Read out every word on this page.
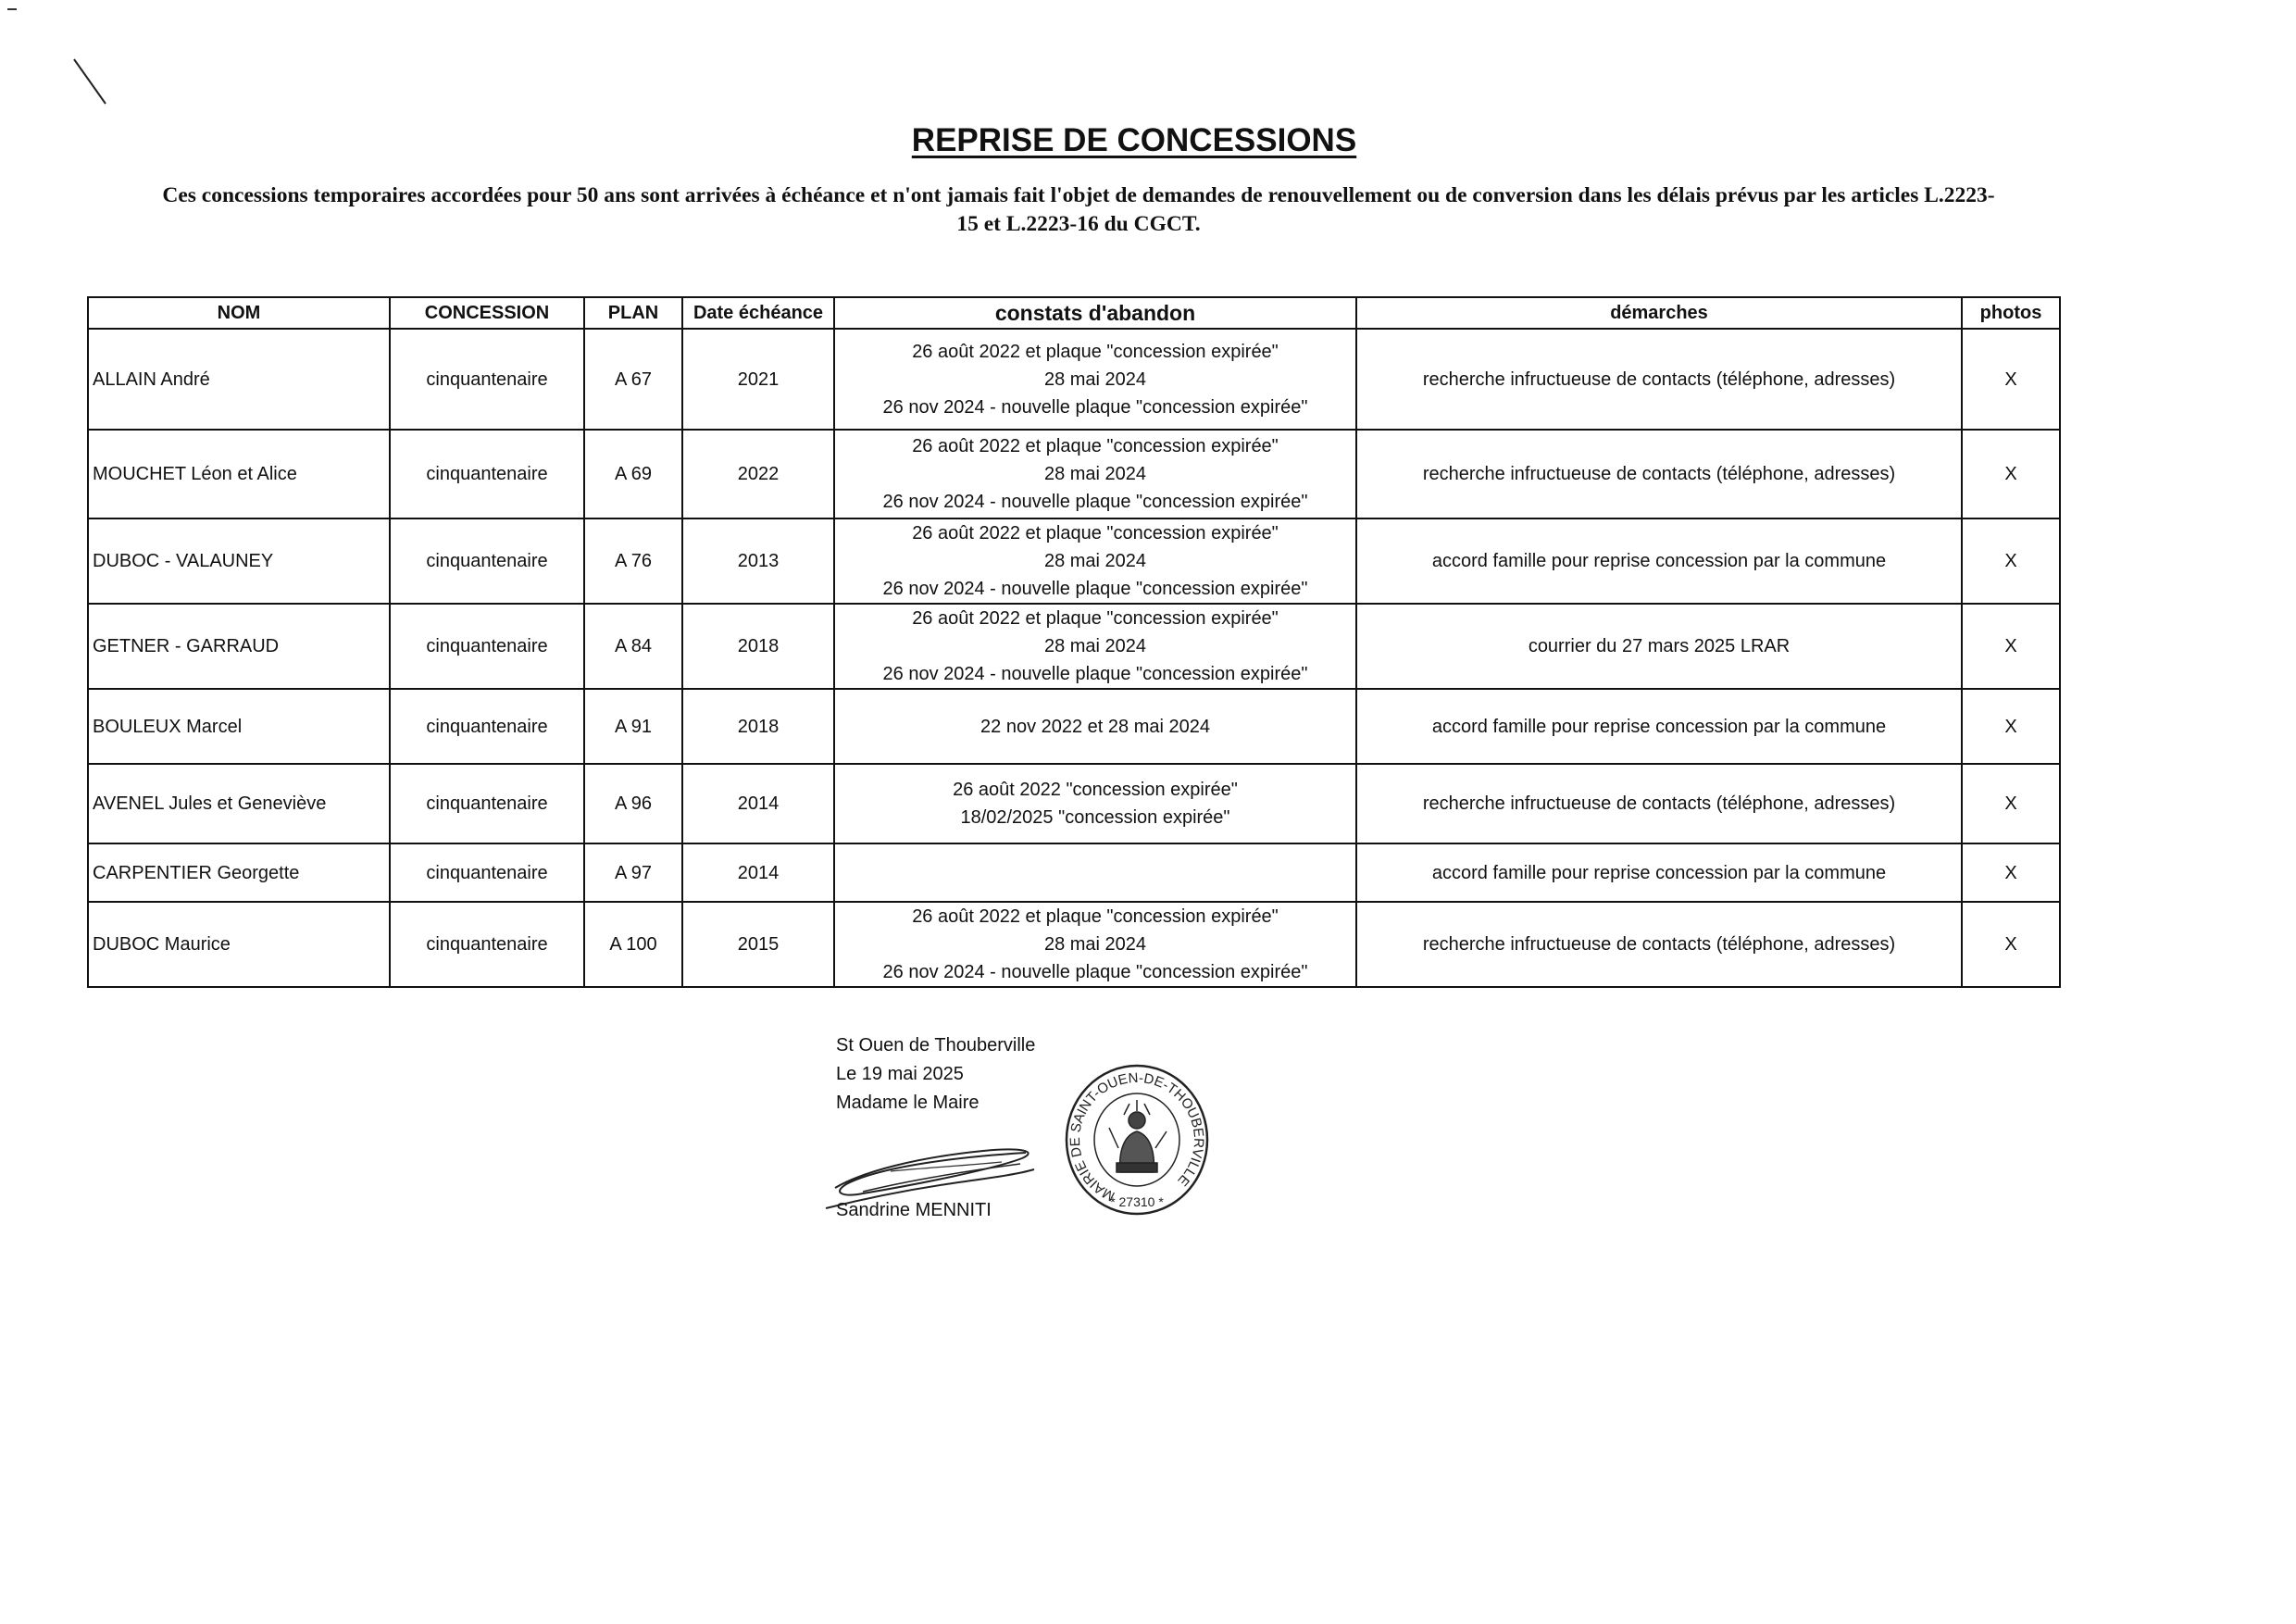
REPRISE DE CONCESSIONS
Ces concessions temporaires accordées pour 50 ans sont arrivées à échéance et n'ont jamais fait l'objet de demandes de renouvellement ou de conversion dans les délais prévus par les articles L.2223-
15 et L.2223-16 du CGCT.
NOM	CONCESSION	PLAN	Date échéance	constats d'abandon	démarches	photos
ALLAIN André	cinquantenaire	A 67	2021	26 août 2022 et plaque "concession expirée"
28 mai 2024
26 nov 2024 - nouvelle plaque "concession expirée"	recherche infructueuse de contacts (téléphone, adresses)	X
MOUCHET Léon et Alice	cinquantenaire	A 69	2022	26 août 2022 et plaque "concession expirée"
28 mai 2024
26 nov 2024 - nouvelle plaque "concession expirée"	recherche infructueuse de contacts (téléphone, adresses)	X
DUBOC - VALAUNEY	cinquantenaire	A 76	2013	26 août 2022 et plaque "concession expirée"
28 mai 2024
26 nov 2024 - nouvelle plaque "concession expirée"	accord famille pour reprise concession par la commune	X
GETNER - GARRAUD	cinquantenaire	A 84	2018	26 août 2022 et plaque "concession expirée"
28 mai 2024
26 nov 2024 - nouvelle plaque "concession expirée"	courrier du 27 mars 2025 LRAR	X
BOULEUX Marcel	cinquantenaire	A 91	2018	22 nov 2022 et 28 mai 2024	accord famille pour reprise concession par la commune	X
AVENEL Jules et Geneviève	cinquantenaire	A 96	2014	26 août 2022 "concession expirée"
18/02/2025 "concession expirée"	recherche infructueuse de contacts (téléphone, adresses)	X
CARPENTIER Georgette	cinquantenaire	A 97	2014		accord famille pour reprise concession par la commune	X
DUBOC Maurice	cinquantenaire	A 100	2015	26 août 2022 et plaque "concession expirée"
28 mai 2024
26 nov 2024 - nouvelle plaque "concession expirée"	recherche infructueuse de contacts (téléphone, adresses)	X
St Ouen de Thouberville
Le 19 mai 2025
Madame le Maire
Sandrine MENNITI
MAIRIE DE SAINT-OUEN-DE-THOUBERVILLE
* 27310 *
